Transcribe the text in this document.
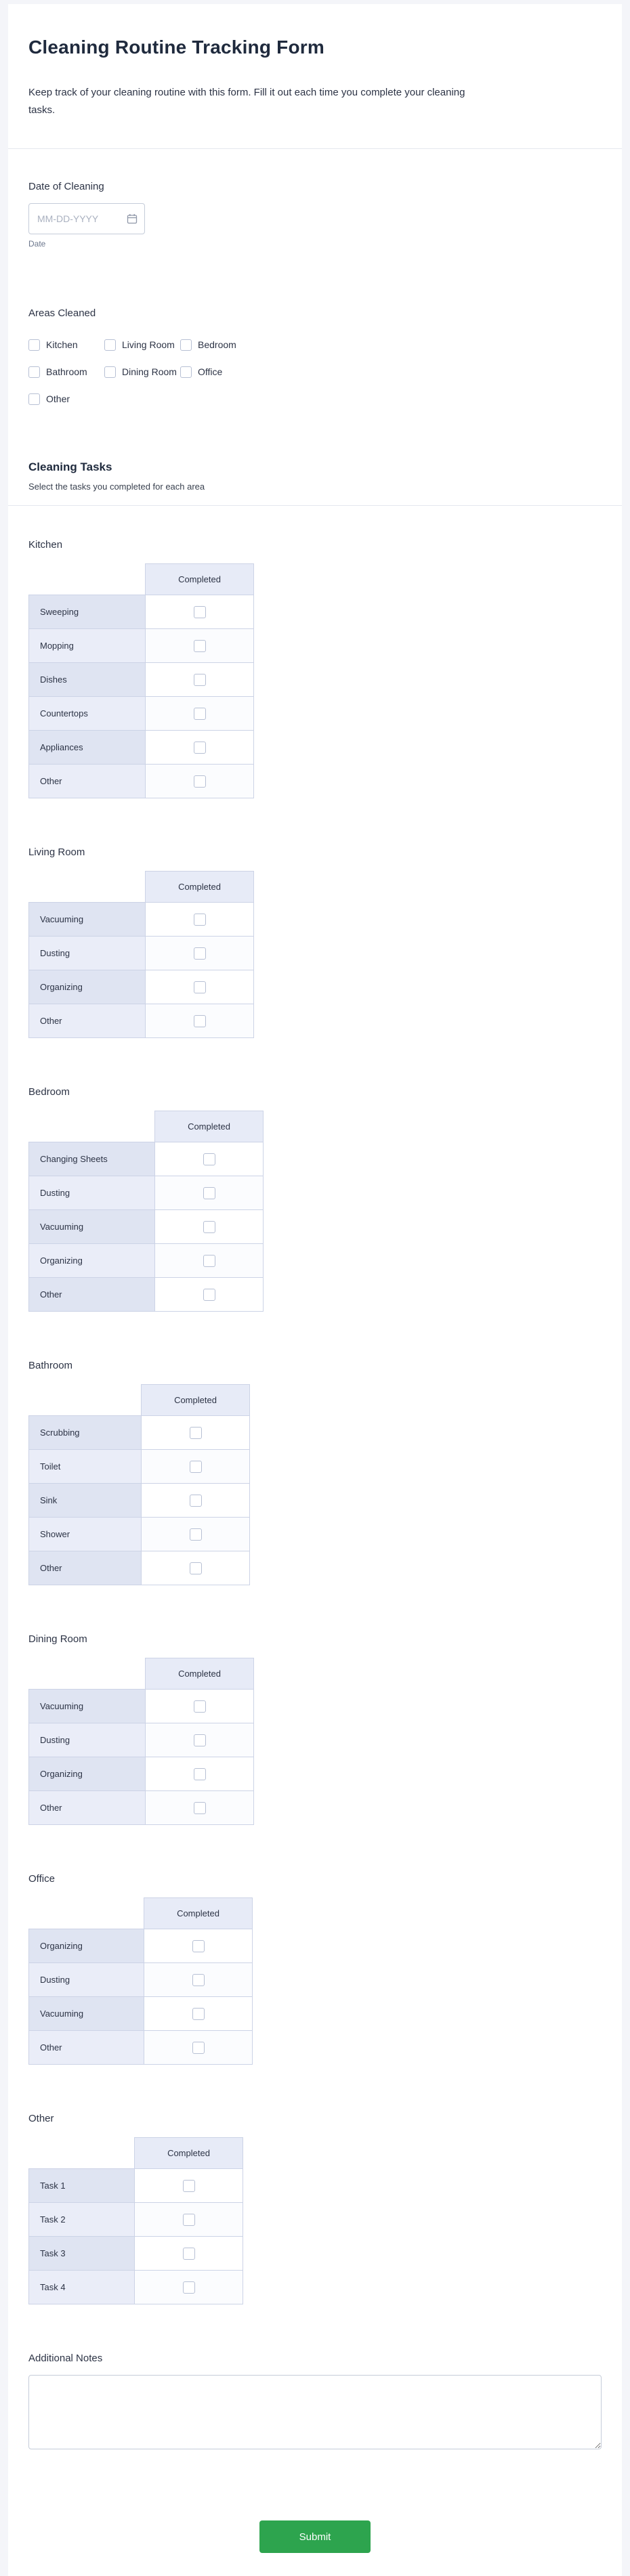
Cleaning Routine Tracking Form

Keep track of your cleaning routine with this form. Fill it out each time you complete your cleaning tasks.

Date of Cleaning
MM-DD-YYYY
Date
Areas Cleaned
Kitchen	Living Room Bedroom
Bathroom	Dining Room Office
Other
Cleaning Tasks
Select the tasks you completed for each area
Kitchen
	Completed
Sweeping	
Mopping	
Dishes	
Countertops	
Appliances	
Other	
Living Room
	Completed
Vacuuming	
Dusting	
Organizing	
Other	
Bedroom
	Completed
Changing Sheets	
Dusting	
Vacuuming	
Organizing	
Other	
Bathroom
	Completed
Scrubbing	
Toilet	
Sink	
Shower	
Other	
Dining Room
	Completed
Vacuuming	
Dusting	
Organizing	
Other	
Office
	Completed
Organizing	
Dusting	
Vacuuming	
Other	
Other
	Completed
Task 1	
Task 2	
Task 3	
Task 4	
Additional Notes
Submit
